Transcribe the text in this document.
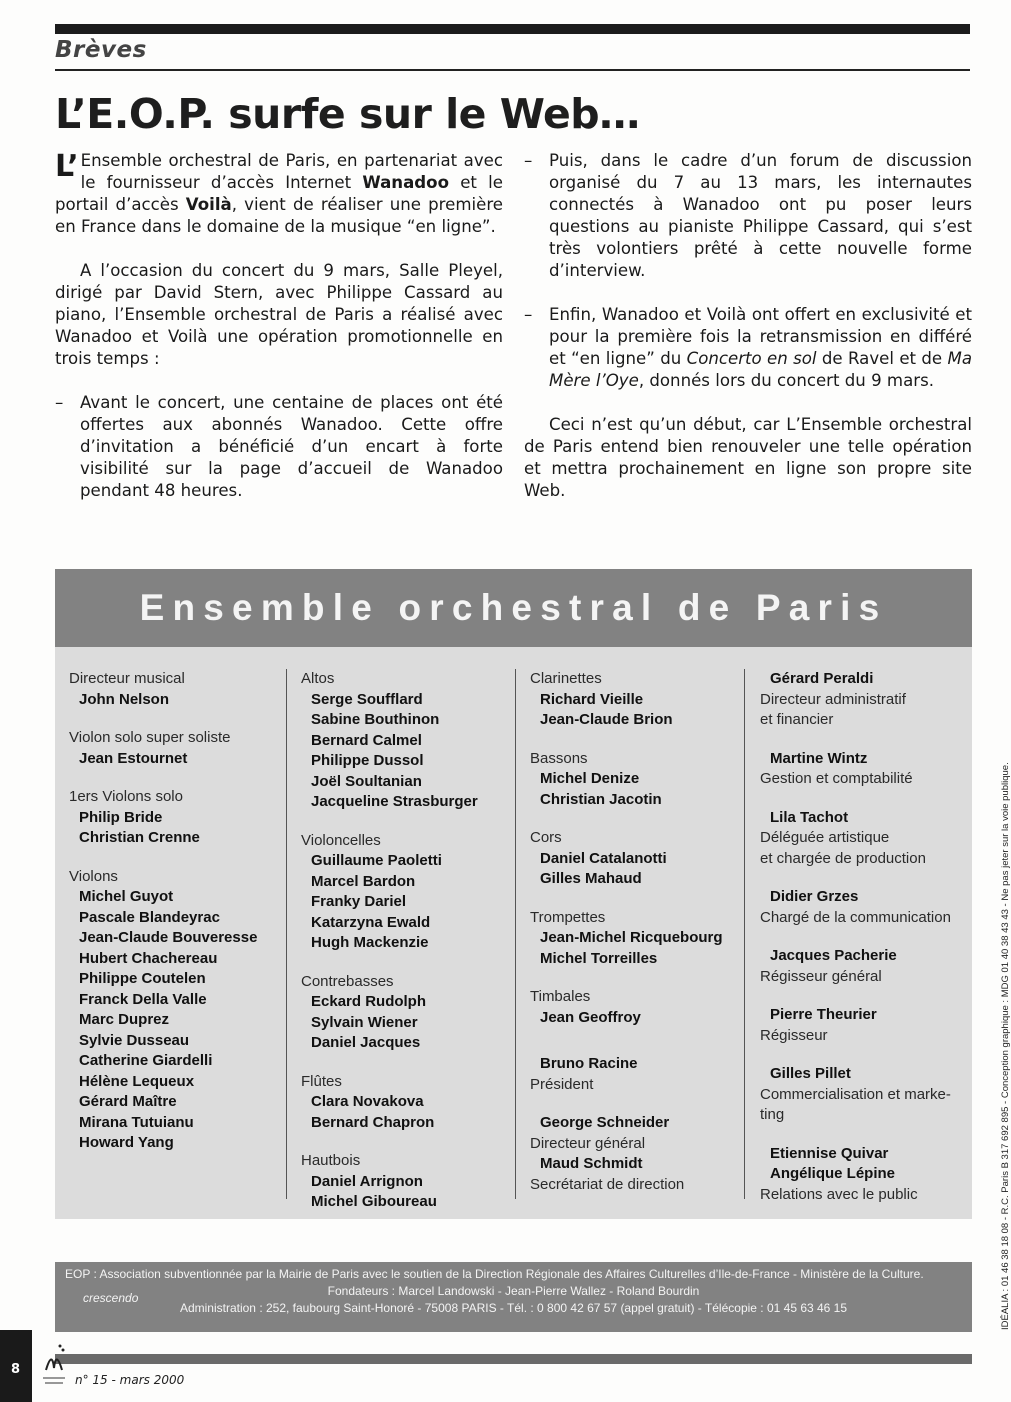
Brèves
L’E.O.P. surfe sur le Web…

L’Ensemble orchestral de Paris, en partenariat avec le fournisseur d’accès Internet Wanadoo et le portail d’accès Voilà, vient de réaliser une première en France dans le domaine de la musique “en ligne”.

A l’occasion du concert du 9 mars, Salle Pleyel, dirigé par David Stern, avec Philippe Cassard au piano, l’Ensemble orchestral de Paris a réalisé avec Wanadoo et Voilà une opération promotionnelle en trois temps :

– Avant le concert, une centaine de places ont été offertes aux abonnés Wanadoo. Cette offre d’invitation a bénéficié d’un encart à forte visibilité sur la page d’accueil de Wanadoo pendant 48 heures.

– Puis, dans le cadre d’un forum de discussion organisé du 7 au 13 mars, les internautes connectés à Wanadoo ont pu poser leurs questions au pianiste Philippe Cassard, qui s’est très volontiers prêté à cette nouvelle forme d’interview.

– Enfin, Wanadoo et Voilà ont offert en exclusivité et pour la première fois la retransmission en différé et “en ligne” du Concerto en sol de Ravel et de Ma Mère l’Oye, donnés lors du concert du 9 mars.

Ceci n’est qu’un début, car L’Ensemble orchestral de Paris entend bien renouveler une telle opération et mettra prochainement en ligne son propre site Web.

Ensemble orchestral de Paris
Directeur musical
John Nelson
Violon solo super soliste
Jean Estournet
1ers Violons solo
Philip Bride
Christian Crenne
Violons
Michel Guyot
Pascale Blandeyrac
Jean-Claude Bouveresse
Hubert Chachereau
Philippe Coutelen
Franck Della Valle
Marc Duprez
Sylvie Dusseau
Catherine Giardelli
Hélène Lequeux
Gérard Maître
Mirana Tutuianu
Howard Yang
Altos
Serge Soufflard
Sabine Bouthinon
Bernard Calmel
Philippe Dussol
Joël Soultanian
Jacqueline Strasburger
Violoncelles
Guillaume Paoletti
Marcel Bardon
Franky Dariel
Katarzyna Ewald
Hugh Mackenzie
Contrebasses
Eckard Rudolph
Sylvain Wiener
Daniel Jacques
Flûtes
Clara Novakova
Bernard Chapron
Hautbois
Daniel Arrignon
Michel Giboureau
Clarinettes
Richard Vieille
Jean-Claude Brion
Bassons
Michel Denize
Christian Jacotin
Cors
Daniel Catalanotti
Gilles Mahaud
Trompettes
Jean-Michel Ricquebourg
Michel Torreilles
Timbales
Jean Geoffroy
Bruno Racine
Président
George Schneider
Directeur général
Maud Schmidt
Secrétariat de direction
Gérard Peraldi
Directeur administratif
et financier
Martine Wintz
Gestion et comptabilité
Lila Tachot
Déléguée artistique
et chargée de production
Didier Grzes
Chargé de la communication
Jacques Pacherie
Régisseur général
Pierre Theurier
Régisseur
Gilles Pillet
Commercialisation et marke-
ting
Etiennise Quivar
Angélique Lépine
Relations avec le public
EOP : Association subventionnée par la Mairie de Paris avec le soutien de la Direction Régionale des Affaires Culturelles d’Ile-de-France - Ministère de la Culture.
Fondateurs : Marcel Landowski - Jean-Pierre Wallez - Roland Bourdin
crescendo
Administration : 252, faubourg Saint-Honoré - 75008 PARIS - Tél. : 0 800 42 67 57 (appel gratuit) - Télécopie : 01 45 63 46 15
8
n° 15 - mars 2000
IDÉALIA : 01 46 38 18 08 - R.C. Paris B 317 692 895 - Conception graphique : MDG 01 40 38 43 43 - Ne pas jeter sur la voie publique.
